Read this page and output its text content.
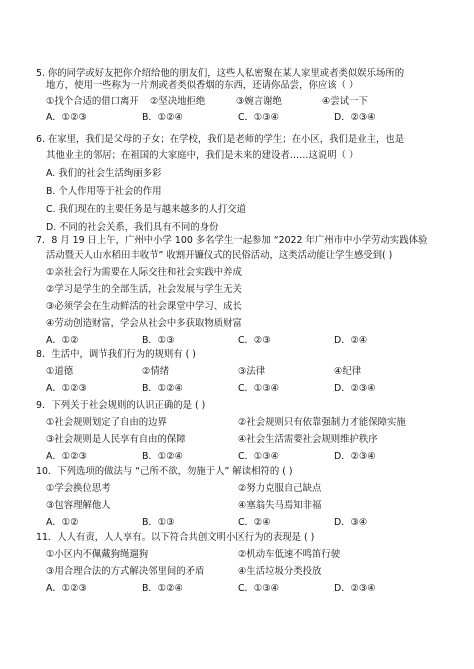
5. 你的同学或好友把你介绍给他的朋友们，这些人私密聚在某人家里或者类似娱乐场所的
地方，使用一些称为一片剂或者类似香烟的东西，还请你品尝，你应该（ ）
①找个合适的借口离开	②坚决地拒绝	③婉言谢绝	④尝试一下
A．①②③	B．①②④	C．①③④	D．②③④
6. 在家里，我们是父母的子女；在学校，我们是老师的学生；在小区，我们是业主，也是
其他业主的邻居；在祖国的大家庭中，我们是未来的建设者……这说明（ ）
A. 我们的社会生活绚丽多彩
B. 个人作用等于社会的作用
C. 我们现在的主要任务是与越来越多的人打交道
D. 不同的社会关系，我们具有不同的身份
7．8 月 19 日上午，广州中小学 100 多名学生一起参加 “2022 年广州市中小学劳动实践体验
活动暨天人山水稻田丰收节” 收割开镰仪式的民俗活动，这类活动能让学生感受到( )
①亲社会行为需要在人际交往和社会实践中养成
②学习是学生的全部生活，社会发展与学生无关
③必须学会在生动鲜活的社会课堂中学习、成长
④劳动创造财富，学会从社会中多获取物质财富
A．①②	B．①③	C．②③	D．②④
8．生活中，调节我们行为的规则有 ( )
①道德	②情绪	③法律	④纪律
A．①②③	B．①②④	C．①③④	D．②③④
9．下列关于社会规则的认识正确的是 ( )
①社会规则划定了自由的边界	②社会规则只有依靠强制力才能保障实施
③社会规则是人民享有自由的保障	④社会生活需要社会规则维护秩序
A．①②③	B．①②④	C．①③④	D．②③④
10．下列选项的做法与 “己所不欲，勿施于人” 解读相符的 ( )
①学会换位思考	②努力克服自己缺点
③包容理解他人	④塞翁失马焉知非福
A．①②	B．①③	C．②④	D．③④
11．人人有责，人人享有。以下符合共创文明小区行为的表现是 ( )
①小区内不佩戴狗绳遛狗	②机动车低速不鸣笛行驶
③用合理合法的方式解决邻里间的矛盾	④生活垃圾分类投放
A．①②③	B．①②④	C．①③④	D．②③④
